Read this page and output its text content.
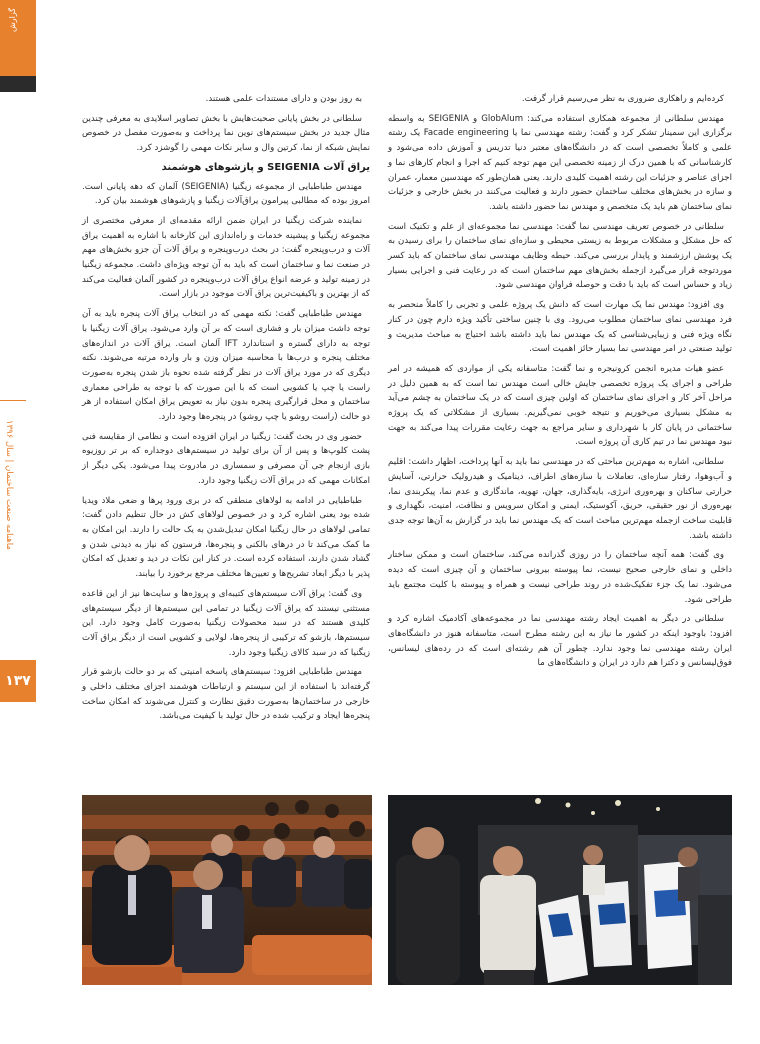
گزارش
ماهنامه صنعت ساختمان | سال ۱۳۹۶
۱۳۷

کرده‌ایم و راهکاری ضروری به نظر می‌رسیم قرار گرفت.

مهندس سلطانی از مجموعه همکاری استفاده می‌کند: GlobAlum و SEIGENIA به واسطه برگزاری این سمینار تشکر کرد و گفت: رشته مهندسی نما یا Facade engineering یک رشته علمی و کاملاً تخصصی است که در دانشگاه‌های معتبر دنیا تدریس و آموزش داده می‌شود و کارشناسانی که با همین درک از زمینه تخصصی این مهم توجه کنیم که اجرا و انجام کارهای نما و اجزای عناصر و جزئیات این رشته اهمیت کلیدی دارند. یعنی همان‌طور که مهندسین معمار، عمران و سازه در بخش‌های مختلف ساختمان حضور دارند و فعالیت می‌کنند در بخش خارجی و جزئیات نمای ساختمان هم باید یک متخصص و مهندس نما حضور داشته باشد.

سلطانی در خصوص تعریف مهندسی نما گفت: مهندسی نما مجموعه‌ای از علم و تکنیک است که حل مشکل و مشکلات مربوط به زیستی محیطی و سازه‌ای نمای ساختمان را برای رسیدن به یک پوشش ارزشمند و پایدار بررسی می‌کند. حیطه وظایف مهندسی نمای ساختمان که باید کسر موردتوجه قرار می‌گیرد ازجمله بخش‌های مهم ساختمان است که در رعایت فنی و اجرایی بسیار زیاد و حساس است که باید با دقت و حوصله فراوان مهندسی شود.

وی افزود: مهندس نما یک مهارت است که دانش یک پروژه علمی و تجربی را کاملاً منحصر به فرد مهندسی نمای ساختمان مطلوب می‌رود. وی با چنین ساختی تأکید ویژه دارم چون در کنار نگاه ویژه فنی و زیبایی‌شناسی که یک مهندس نما باید داشته باشد احتیاج به مباحث مدیریت و تولید صنعتی در امر مهندسی نما بسیار حائز اهمیت است.

عضو هیات مدیره انجمن کرونیجره و نما گفت: متاسفانه یکی از مواردی که همیشه در امر طراحی و اجرای یک پروژه تخصصی جایش خالی است مهندس نما است که به همین دلیل در مراحل آخر کار و اجرای نمای ساختمان که اولین چیزی است که در یک ساختمان به چشم می‌آید به مشکل بسیاری می‌خوریم و نتیجه خوبی نمی‌گیریم. بسیاری از مشکلاتی که یک پروژه ساختمانی در پایان کار با شهرداری و سایر مراجع به جهت رعایت مقررات پیدا می‌کند به جهت نبود مهندس نما در تیم کاری آن پروژه است.

سلطانی، اشاره به مهم‌ترین مباحثی که در مهندسی نما باید به آنها پرداخت، اظهار داشت: اقلیم و آب‌وهوا، رفتار سازه‌ای، تعاملات با سازه‌های اطراف، دینامیک و هیدرولیک حرارتی، آسایش حرارتی ساکنان و بهره‌وری انرژی، بایه‌گذاری، جهان، تهویه، ماندگاری و عدم نما، پیکربندی نما، بهره‌وری از نور حقیقی، حریق، آکوستیک، ایمنی و امکان سرویس و نظافت، امنیت، نگهداری و قابلیت ساخت ازجمله مهم‌ترین مباحث است که یک مهندس نما باید در گزارش به آن‌ها توجه جدی داشته باشد.

وی گفت: همه آنچه ساختمان را در روزی گذرانده می‌کند، ساختمان است و ممکن ساختار داخلی و نمای خارجی صحیح نیست، نما پیوسته بیرونی ساختمان و آن چیزی است که دیده می‌شود. نما یک جزء تفکیک‌شده در روند طراحی نیست و همراه و پیوسته با کلیت مجتمع باید طراحی شود.

سلطانی در دیگر به اهمیت ایجاد رشته مهندسی نما در مجموعه‌های آکادمیک اشاره کرد و افزود: باوجود اینکه در کشور ما نیاز به این رشته مطرح است، متاسفانه هنوز در دانشگاه‌های ایران رشته مهندسی نما وجود ندارد. چطور آن هم رشته‌ای است که در رده‌های لیسانس، فوق‌لیسانس و دکترا هم دارد در ایران و دانشگاه‌های ما

به روز بودن و دارای مستندات علمی هستند.

سلطانی در بخش پایانی صحبت‌هایش با بخش تصاویر اسلایدی به معرفی چندین مثال جدید در بخش سیستم‌های نوین نما پرداخت و به‌صورت مفصل در خصوص نمایش شبکه از نما، کرتین وال و سایر نکات مهمی را گوشزد کرد.

یراق آلات SEIGENIA و پازشوهای هوشمند

مهندس طباطبایی از مجموعه زیگنیا (SEIGENIA) آلمان که دهه پایانی است. امروز بوده که مطالبی پیرامون یراق‌آلات زیگنیا و پازشوهای هوشمند بیان کرد.

نماینده شرکت زیگنیا در ایران ضمن ارائه مقدمه‌ای از معرفی مختصری از مجموعه زیگنیا و پیشینه خدمات و راه‌اندازی این کارخانه با اشاره به اهمیت یراق آلات و درب‌وپنجره گفت: در بحث درب‌وپنجره و یراق آلات آن جزو بخش‌های مهم در صنعت نما و ساختمان است که باید به آن توجه ویژه‌ای داشت. مجموعه زیگنیا در زمینه تولید و عرضه انواع یراق آلات درب‌وپنجره در کشور آلمان فعالیت می‌کند که از بهترین و باکیفیت‌ترین یراق آلات موجود در بازار است.

مهندس طباطبایی گفت: نکته مهمی که در انتخاب یراق آلات پنجره باید به آن توجه داشت میزان بار و فشاری است که بر آن وارد می‌شود. یراق آلات زیگنیا با توجه به دارای گستره و استاندارد IFT آلمان است. یراق آلات در اندازه‌های مختلف پنجره و درب‌ها با محاسبه میزان وزن و بار وارده مرتبه می‌شوند. نکته دیگری که در مورد یراق آلات در نظر گرفته شده نحوه باز شدن پنجره به‌صورت راست یا چپ یا کشویی است که با این صورت که با توجه به طراحی معماری ساختمان و محل قرارگیری پنجره بدون نیاز به تعویض یراق امکان استفاده از هر دو حالت (راست روشو یا چپ روشو) در پنجره‌ها وجود دارد.

حضور وی در بحث گفت: زیگنیا در ایران افزوده است و نظامی از مقایسه فنی پشت کلوپ‌ها و پس از آن برای تولید در سیستم‌های دوجداره که بر تر روزیوه بازی ازنجام جی آن مصرفی و سمساری در مادروت پیدا می‌شود. یکی دیگر از امکانات مهمی که در یراق آلات زیگنیا وجود دارد.

طباطبایی در ادامه به لولاهای منطقی که در بری ورود پرها و ضعی ملاد ویدیا شده بود یعنی اشاره کرد و در خصوص لولاهای کش در حال تنظیم دادن گفت: تمامی لولاهای در حال زیگنیا امکان تبدیل‌شدن به یک حالت را دارند. این امکان به ما کمک می‌کند تا در درهای بالکنی و پنجره‌ها، فرستون که نیاز به دیدنی شدن و گشاد شدن دارند، استفاده کرده است. در کنار این نکات در دید و تعدیل که امکان پذیر با دیگر ابعاد تشریح‌ها و تعیین‌ها مختلف مرجع برخورد را بیابند.

وی گفت: یراق آلات سیستم‌های کتیبه‌ای و پروژه‌ها و سایت‌ها نیز از این قاعده مستثنی نیستند که یراق آلات زیگنیا در تمامی این سیستم‌ها از دیگر سیستم‌های کلیدی هستند که در سبد محصولات زیگنیا به‌صورت کامل وجود دارد. این سیستم‌ها، بازشو که ترکیبی از پنجره‌ها، لولایی و کشویی است از دیگر یراق آلات زیگنیا که در سبد کالای زیگنیا وجود دارد.

مهندس طباطبایی افزود: سیستم‌های پاسخه امنیتی که بر دو حالت بازشو قرار گرفته‌اند با استفاده از این سیستم و ارتباطات هوشمند اجزای مختلف داخلی و خارجی در ساختمان‌ها به‌صورت دقیق نظارت و کنترل می‌شوند که امکان ساخت پنجره‌ها ایجاد و ترکیب شده در حال تولید با کیفیت می‌باشد.
